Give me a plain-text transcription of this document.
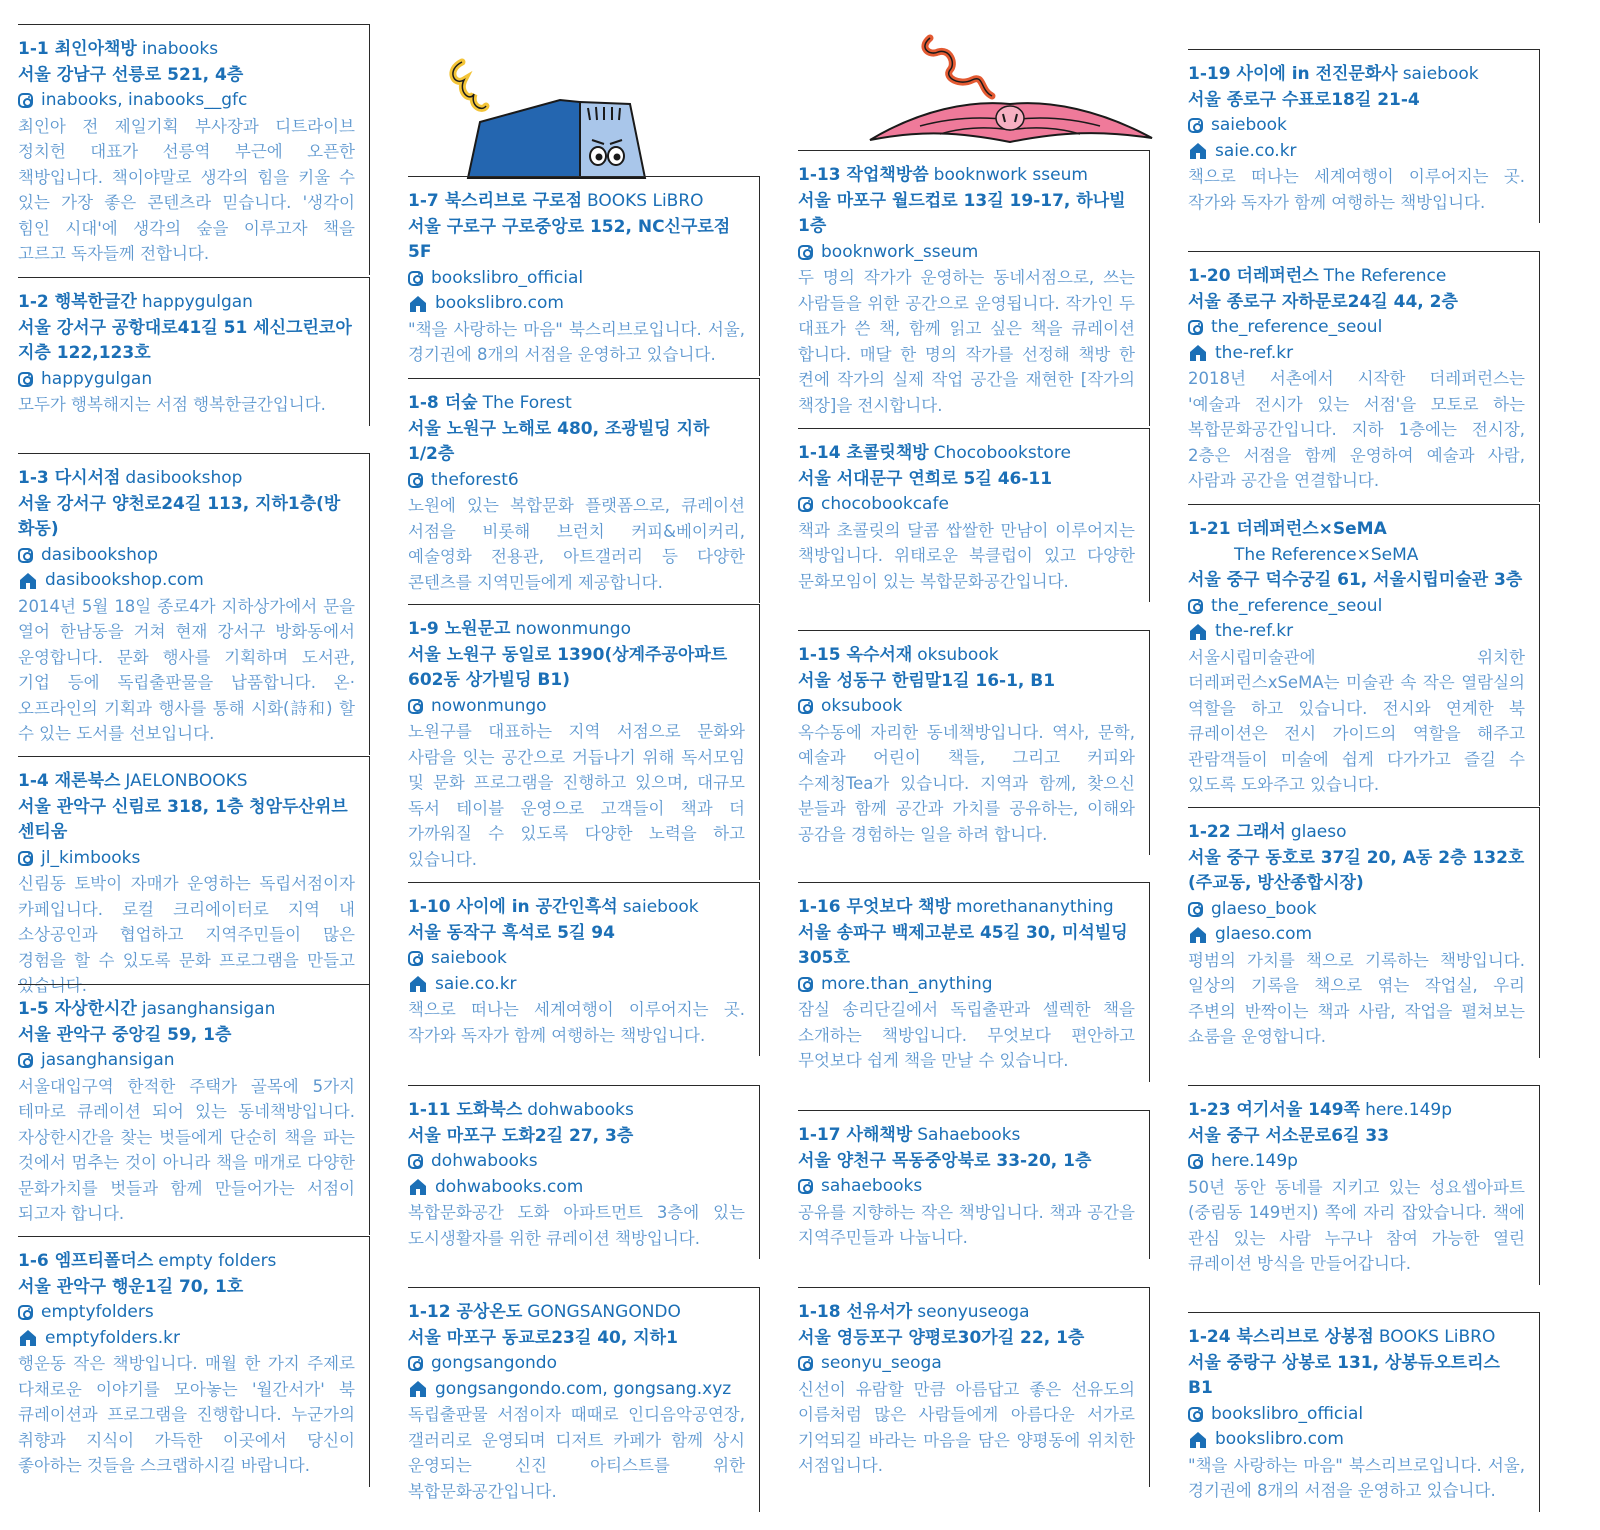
1-1 최인아책방 inabooks
서울 강남구 선릉로 521, 4층
inabooks, inabooks__gfc
최인아 전 제일기획 부사장과 디트라이브 정치헌 대표가 선릉역 부근에 오픈한 책방입니다. 책이야말로 생각의 힘을 키울 수 있는 가장 좋은 콘텐츠라 믿습니다. '생각이 힘인 시대'에 생각의 숲을 이루고자 책을 고르고 독자들께 전합니다.
1-2 행복한글간 happygulgan
서울 강서구 공항대로41길 51 세신그린코아 지층 122,123호
happygulgan
모두가 행복해지는 서점 행복한글간입니다.
1-3 다시서점 dasibookshop
서울 강서구 양천로24길 113, 지하1층(방화동)
dasibookshop
dasibookshop.com
2014년 5월 18일 종로4가 지하상가에서 문을 열어 한남동을 거쳐 현재 강서구 방화동에서 운영합니다. 문화 행사를 기획하며 도서관, 기업 등에 독립출판물을 납품합니다. 온·오프라인의 기획과 행사를 통해 시화(詩和) 할 수 있는 도서를 선보입니다.
1-4 재론북스 JAELONBOOKS
서울 관악구 신림로 318, 1층 청암두산위브센티움
jl_kimbooks
신림동 토박이 자매가 운영하는 독립서점이자 카페입니다. 로컬 크리에이터로 지역 내 소상공인과 협업하고 지역주민들이 많은 경험을 할 수 있도록 문화 프로그램을 만들고 있습니다.
1-5 자상한시간 jasanghansigan
서울 관악구 중앙길 59, 1층
jasanghansigan
서울대입구역 한적한 주택가 골목에 5가지 테마로 큐레이션 되어 있는 동네책방입니다. 자상한시간을 찾는 벗들에게 단순히 책을 파는 것에서 멈추는 것이 아니라 책을 매개로 다양한 문화가치를 벗들과 함께 만들어가는 서점이 되고자 합니다.
1-6 엠프티폴더스 empty folders
서울 관악구 행운1길 70, 1호
emptyfolders
emptyfolders.kr
행운동 작은 책방입니다. 매월 한 가지 주제로 다채로운 이야기를 모아놓는 '월간서가' 북 큐레이션과 프로그램을 진행합니다. 누군가의 취향과 지식이 가득한 이곳에서 당신이 좋아하는 것들을 스크랩하시길 바랍니다.
1-7 북스리브로 구로점 BOOKS LiBRO
서울 구로구 구로중앙로 152, NC신구로점 5F
bookslibro_official
bookslibro.com
"책을 사랑하는 마음" 북스리브로입니다. 서울, 경기권에 8개의 서점을 운영하고 있습니다.
1-8 더숲 The Forest
서울 노원구 노해로 480, 조광빌딩 지하 1/2층
theforest6
노원에 있는 복합문화 플랫폼으로, 큐레이션 서점을 비롯해 브런치 커피&베이커리, 예술영화 전용관, 아트갤러리 등 다양한 콘텐츠를 지역민들에게 제공합니다.
1-9 노원문고 nowonmungo
서울 노원구 동일로 1390(상계주공아파트602동 상가빌딩 B1)
nowonmungo
노원구를 대표하는 지역 서점으로 문화와 사람을 잇는 공간으로 거듭나기 위해 독서모임 및 문화 프로그램을 진행하고 있으며, 대규모 독서 테이블 운영으로 고객들이 책과 더 가까워질 수 있도록 다양한 노력을 하고 있습니다.
1-10 사이에 in 공간인흑석 saiebook
서울 동작구 흑석로 5길 94
saiebook
saie.co.kr
책으로 떠나는 세계여행이 이루어지는 곳. 작가와 독자가 함께 여행하는 책방입니다.
1-11 도화북스 dohwabooks
서울 마포구 도화2길 27, 3층
dohwabooks
dohwabooks.com
복합문화공간 도화 아파트먼트 3층에 있는 도시생활자를 위한 큐레이션 책방입니다.
1-12 공상온도 GONGSANGONDO
서울 마포구 동교로23길 40, 지하1
gongsangondo
gongsangondo.com, gongsang.xyz
독립출판물 서점이자 때때로 인디음악공연장, 갤러리로 운영되며 디저트 카페가 함께 상시 운영되는 신진 아티스트를 위한 복합문화공간입니다.
1-13 작업책방씀 booknwork sseum
서울 마포구 월드컵로 13길 19-17, 하나빌 1층
booknwork_sseum
두 명의 작가가 운영하는 동네서점으로, 쓰는 사람들을 위한 공간으로 운영됩니다. 작가인 두 대표가 쓴 책, 함께 읽고 싶은 책을 큐레이션 합니다. 매달 한 명의 작가를 선정해 책방 한 켠에 작가의 실제 작업 공간을 재현한 [작가의 책장]을 전시합니다.
1-14 초콜릿책방 Chocobookstore
서울 서대문구 연희로 5길 46-11
chocobookcafe
책과 초콜릿의 달콤 쌉쌀한 만남이 이루어지는 책방입니다. 위태로운 북클럽이 있고 다양한 문화모임이 있는 복합문화공간입니다.
1-15 옥수서재 oksubook
서울 성동구 한림말1길 16-1, B1
oksubook
옥수동에 자리한 동네책방입니다. 역사, 문학, 예술과 어린이 책들, 그리고 커피와 수제청Tea가 있습니다. 지역과 함께, 찾으신 분들과 함께 공간과 가치를 공유하는, 이해와 공감을 경험하는 일을 하려 합니다.
1-16 무엇보다 책방 morethananything
서울 송파구 백제고분로 45길 30, 미석빌딩 305호
more.than_anything
잠실 송리단길에서 독립출판과 셀렉한 책을 소개하는 책방입니다. 무엇보다 편안하고 무엇보다 쉽게 책을 만날 수 있습니다.
1-17 사해책방 Sahaebooks
서울 양천구 목동중앙북로 33-20, 1층
sahaebooks
공유를 지향하는 작은 책방입니다. 책과 공간을 지역주민들과 나눕니다.
1-18 선유서가 seonyuseoga
서울 영등포구 양평로30가길 22, 1층
seonyu_seoga
신선이 유람할 만큼 아름답고 좋은 선유도의 이름처럼 많은 사람들에게 아름다운 서가로 기억되길 바라는 마음을 담은 양평동에 위치한 서점입니다.
1-19 사이에 in 전진문화사 saiebook
서울 종로구 수표로18길 21-4
saiebook
saie.co.kr
책으로 떠나는 세계여행이 이루어지는 곳. 작가와 독자가 함께 여행하는 책방입니다.
1-20 더레퍼런스 The Reference
서울 종로구 자하문로24길 44, 2층
the_reference_seoul
the-ref.kr
2018년 서촌에서 시작한 더레퍼런스는 '예술과 전시가 있는 서점'을 모토로 하는 복합문화공간입니다. 지하 1층에는 전시장, 2층은 서점을 함께 운영하여 예술과 사람, 사람과 공간을 연결합니다.
1-21 더레퍼런스×SeMA
The Reference×SeMA
서울 중구 덕수궁길 61, 서울시립미술관 3층
the_reference_seoul
the-ref.kr
서울시립미술관에 위치한 더레퍼런스xSeMA는 미술관 속 작은 열람실의 역할을 하고 있습니다. 전시와 연계한 북 큐레이션은 전시 가이드의 역할을 해주고 관람객들이 미술에 쉽게 다가가고 즐길 수 있도록 도와주고 있습니다.
1-22 그래서 glaeso
서울 중구 동호로 37길 20, A동 2층 132호 (주교동, 방산종합시장)
glaeso_book
glaeso.com
평범의 가치를 책으로 기록하는 책방입니다. 일상의 기록을 책으로 엮는 작업실, 우리 주변의 반짝이는 책과 사람, 작업을 펼쳐보는 쇼룸을 운영합니다.
1-23 여기서울 149쪽 here.149p
서울 중구 서소문로6길 33
here.149p
50년 동안 동네를 지키고 있는 성요셉아파트(중림동 149번지) 쪽에 자리 잡았습니다. 책에 관심 있는 사람 누구나 참여 가능한 열린 큐레이션 방식을 만들어갑니다.
1-24 북스리브로 상봉점 BOOKS LiBRO
서울 중랑구 상봉로 131, 상봉듀오트리스 B1
bookslibro_official
bookslibro.com
"책을 사랑하는 마음" 북스리브로입니다. 서울, 경기권에 8개의 서점을 운영하고 있습니다.
